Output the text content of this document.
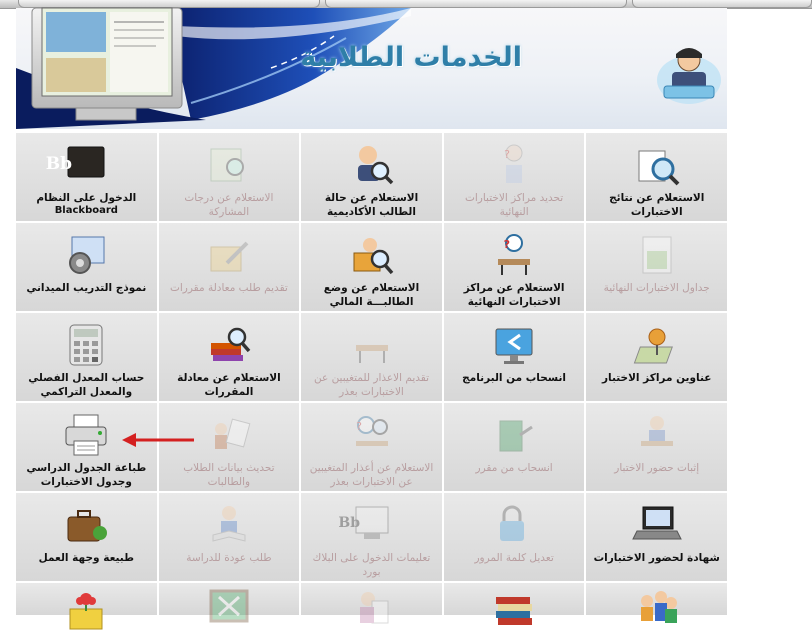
الخدمات الطلابية
الاستعلام عن نتائج الاختبارات
?
تحديد مراكز الاختبارات النهائية
الاستعلام عن حالة الطالب الأكاديمية
الاستعلام عن درجات المشاركة
Bb
الدخول على النظام
Blackboard
جداول الاختبارات النهائية
?
الاستعلام عن مراكز الاختبارات النهائية
الاستعلام عن وضع الطالبـــة المالي
تقديم طلب معادلة مقررات
نموذج التدريب الميداني
عناوين مراكز الاختبار
انسحاب من البرنامج
تقديم الاعذار للمتغيبين عن الاختبارات بعذر
الاستعلام عن معادلة المقررات
حساب المعدل الفصلي والمعدل التراكمي
إثبات حضور الاختبار
انسحاب من مقرر
?
الاستعلام عن أعذار المتغيبين عن الاختبارات بعذر
تحديث بيانات الطلاب والطالبات
طباعة الجدول الدراسي وجدول الاختبارات
شهادة لحضور الاختبارات
تعديل كلمة المرور
Bb
تعليمات الدخول على البلاك بورد
طلب عودة للدراسة
طبيعة وجهة العمل
